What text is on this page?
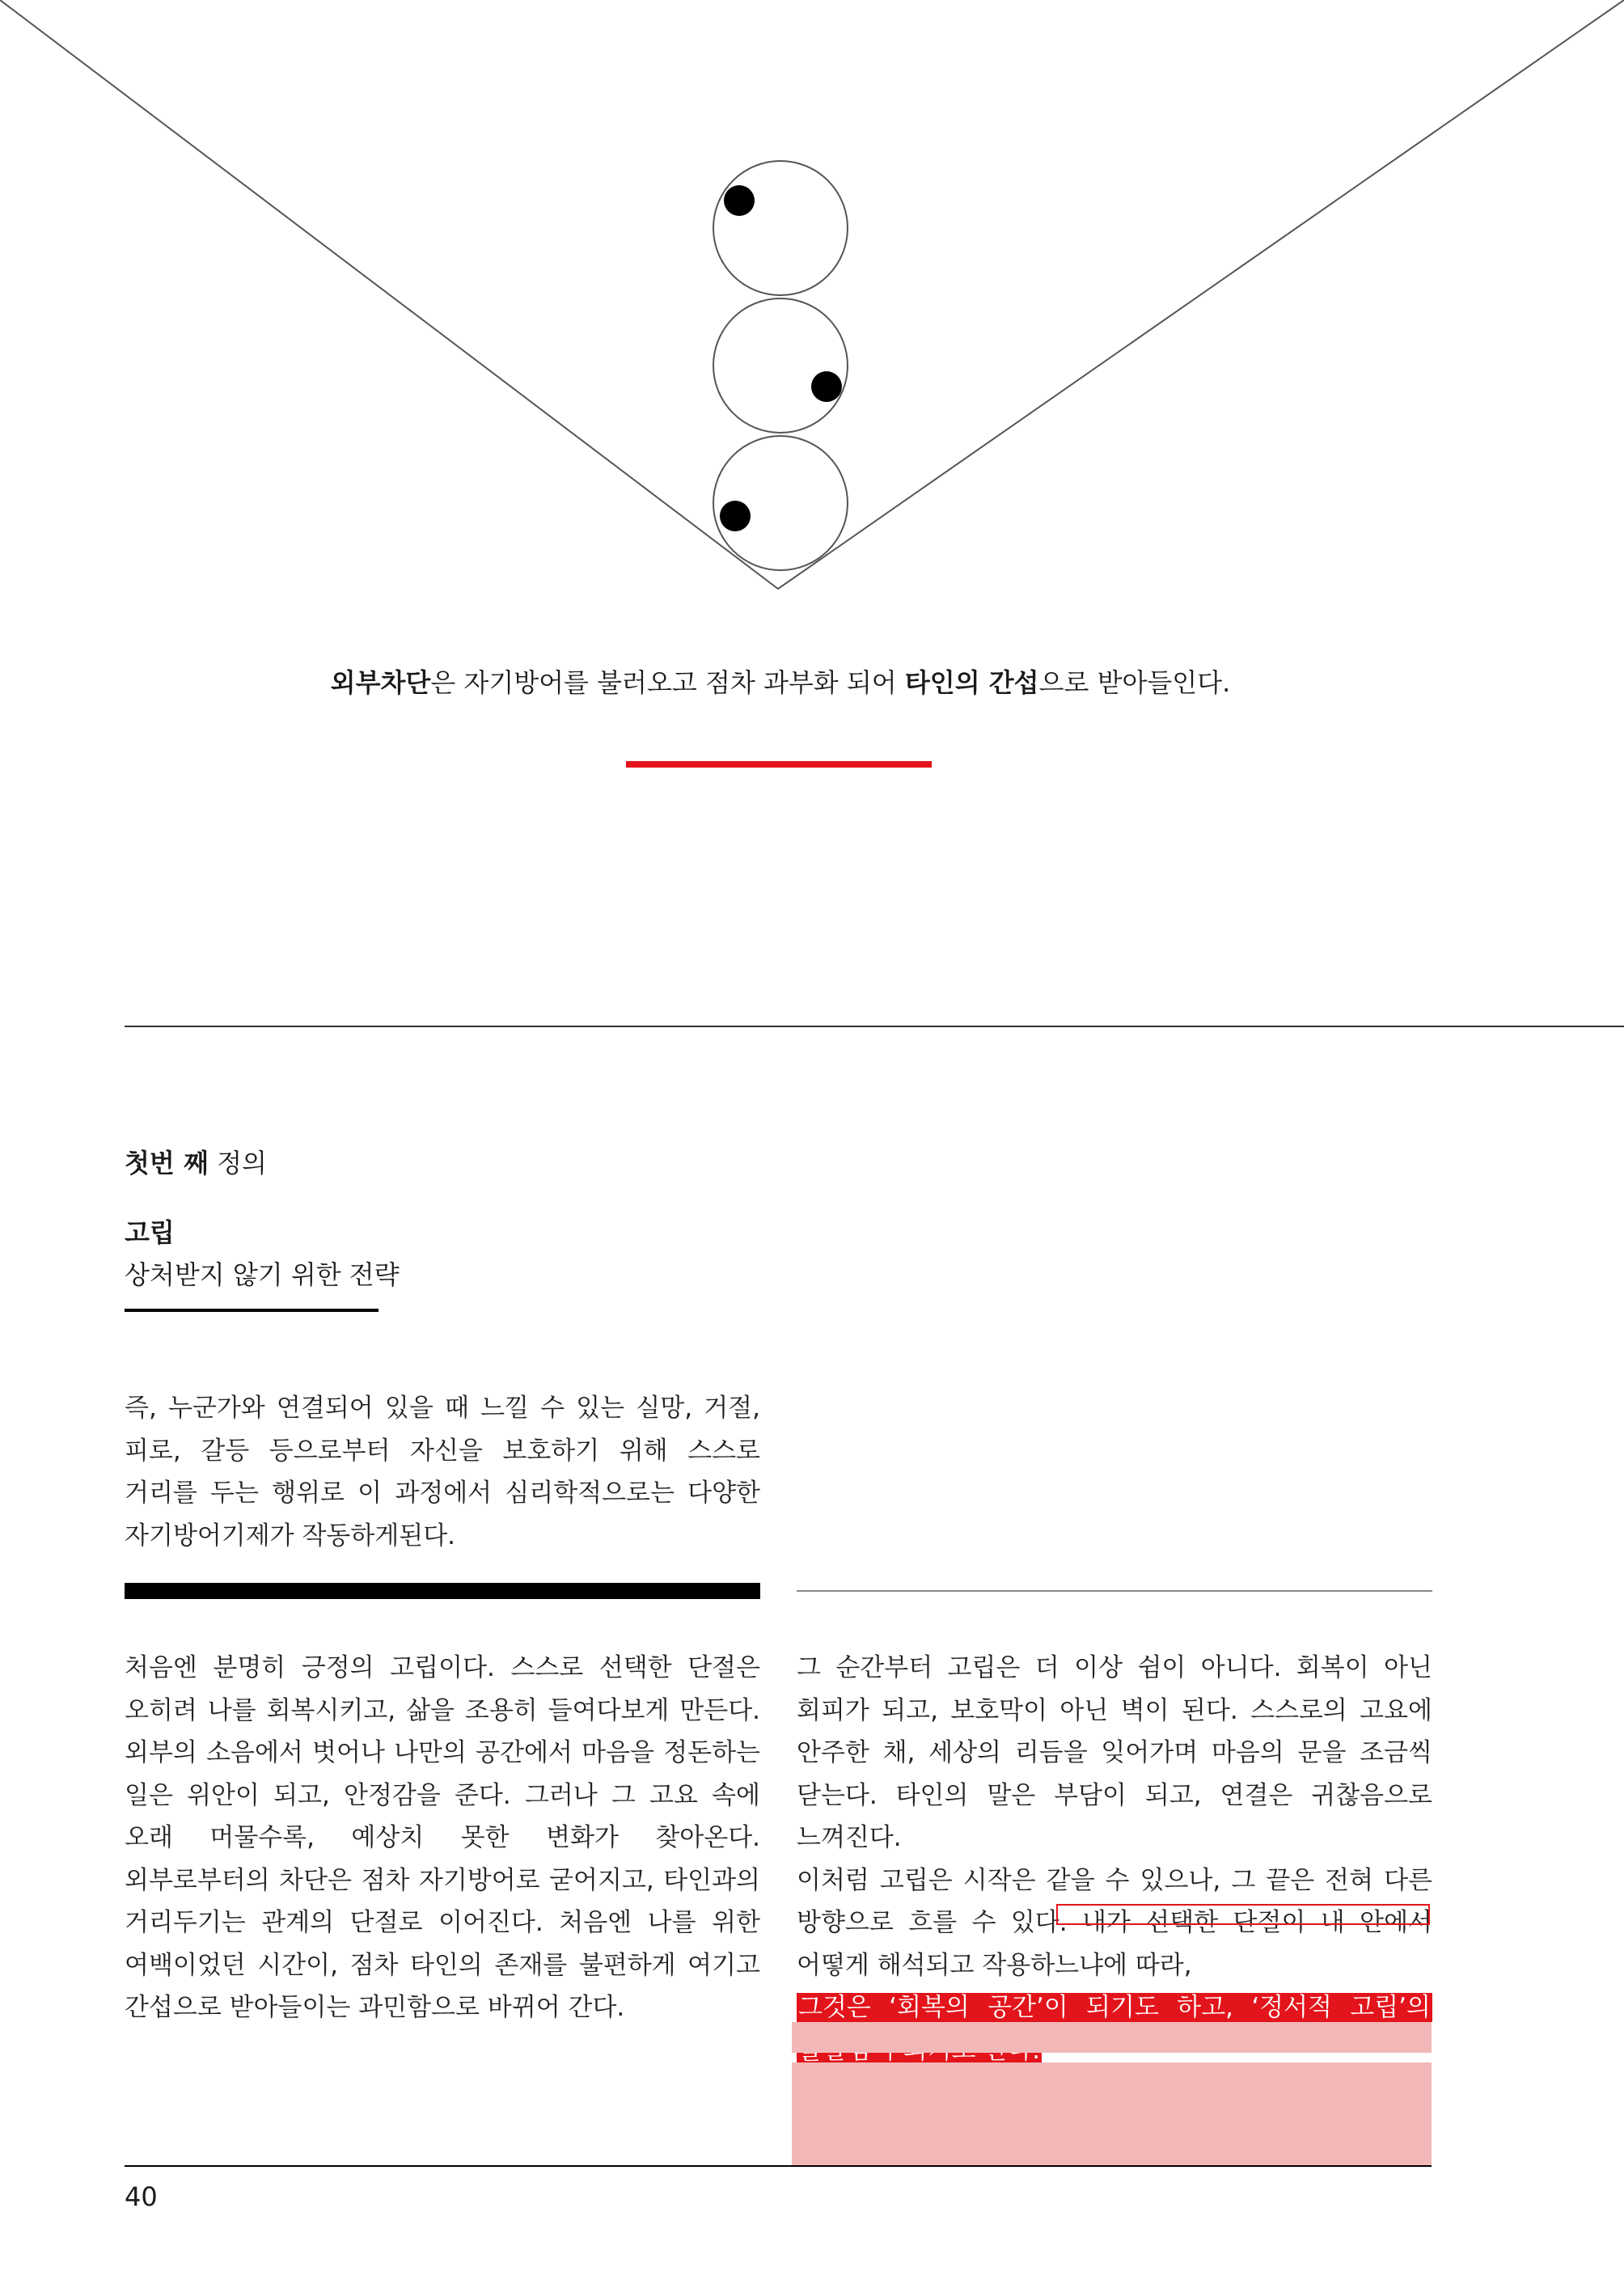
외부차단은 자기방어를 불러오고 점차 과부화 되어 타인의 간섭으로 받아들인다.
첫번 째 정의
고립
상처받지 않기 위한 전략
즉, 누군가와 연결되어 있을 때 느낄 수 있는 실망, 거절, 피로, 갈등 등으로부터 자신을 보호하기 위해 스스로 거리를 두는 행위로 이 과정에서 심리학적으로는 다양한 자기방어기제가 작동하게된다.
처음엔 분명히 긍정의 고립이다. 스스로 선택한 단절은 오히려 나를 회복시키고, 삶을 조용히 들여다보게 만든다. 외부의 소음에서 벗어나 나만의 공간에서 마음을 정돈하는 일은 위안이 되고, 안정감을 준다. 그러나 그 고요 속에 오래 머물수록, 예상치 못한 변화가 찾아온다. 외부로부터의 차단은 점차 자기방어로 굳어지고, 타인과의 거리두기는 관계의 단절로 이어진다. 처음엔 나를 위한 여백이었던 시간이, 점차 타인의 존재를 불편하게 여기고 간섭으로 받아들이는 과민함으로 바뀌어 간다.
그 순간부터 고립은 더 이상 쉼이 아니다. 회복이 아닌 회피가 되고, 보호막이 아닌 벽이 된다. 스스로의 고요에 안주한 채, 세상의 리듬을 잊어가며 마음의 문을 조금씩 닫는다. 타인의 말은 부담이 되고, 연결은 귀찮음으로 느껴진다.
이처럼 고립은 시작은 같을 수 있으나, 그 끝은 전혀 다른 방향으로 흐를 수 있다. 내가 선택한 단절이 내 안에서 어떻게 해석되고 작용하느냐에 따라,
그것은 ‘회복의 공간’이 되기도 하고, ‘정서적 고립’의
40
